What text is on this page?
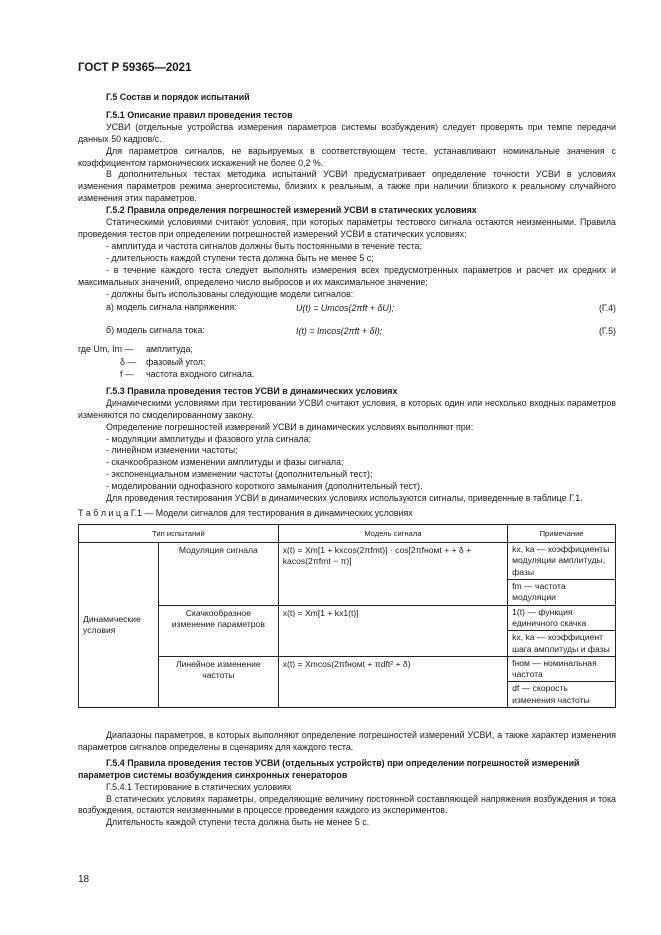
ГОСТ Р 59365—2021
Г.5 Состав и порядок испытаний
Г.5.1 Описание правил проведения тестов
УСВИ (отдельные устройства измерения параметров системы возбуждения) следует проверять при темпе передачи данных 50 кадров/с.
Для параметров сигналов, не варьируемых в соответствующем тесте, устанавливают номинальные значения с коэффициентом гармонических искажений не более 0,2 %.
В дополнительных тестах методика испытаний УСВИ предусматривает определение точности УСВИ в условиях изменения параметров режима энергосистемы, близких к реальным, а также при наличии близкого к реальному случайного изменения этих параметров.
Г.5.2 Правила определения погрешностей измерений УСВИ в статических условиях
Статическими условиями считают условия, при которых параметры тестового сигнала остаются неизменными. Правила проведения тестов при определении погрешностей измерений УСВИ в статических условиях:
- амплитуда и частота сигналов должны быть постоянными в течение теста;
- длительность каждой ступени теста должна быть не менее 5 с;
- в течение каждого теста следует выполнять измерения всех предусмотренных параметров и расчет их средних и максимальных значений, определено число выбросов и их максимальное значение;
- должны быть использованы следующие модели сигналов:
а) модель сигнала напряжения:	U(t) = Umcos(2πft + δU);	(Г.4)
б) модель сигнала тока:	I(t) = Imcos(2πft + δI);	(Г.5)
где Um, Im — амплитуда;
δ — фазовый угол;
f — частота входного сигнала.
Г.5.3 Правила проведения тестов УСВИ в динамических условиях
Динамическими условиями при тестировании УСВИ считают условия, в которых один или несколько входных параметров изменяются по смоделированному закону.
Определение погрешностей измерений УСВИ в динамических условиях выполняют при:
- модуляции амплитуды и фазового угла сигнала;
- линейном изменении частоты;
- скачкообразном изменении амплитуды и фазы сигнала;
- экспоненциальном изменении частоты (дополнительный тест);
- моделировании однофазного короткого замыкания (дополнительный тест).
Для проведения тестирования УСВИ в динамических условиях используются сигналы, приведенные в таблице Г.1.
Т а б л и ц а Г.1 — Модели сигналов для тестирования в динамических условиях
Тип испытаний		Модель сигнала	Примечание
Динамические условия	Модуляция сигнала	x(t) = Xm[1 + kxcos(2πfmt)] · cos[2πfномt + + δ + kacos(2πfmt − π)]	kx, ka — коэффициенты модуляции амплитуды, фазы
			fm — частота модуляции
	Скачкообразное изменение параметров	x(t) = Xm[1 + kx1(t)]	1(t) — функция единичного скачка
			kx, ka — коэффициент шага амплитуды и фазы
	Линейное изменение частоты	x(t) = Xmcos(2πfномt + πdft² + δ)	fном — номинальная частота
			df — скорость изменения частоты
Диапазоны параметров, в которых выполняют определение погрешностей измерений УСВИ, а также характер изменения параметров сигналов определены в сценариях для каждого теста.
Г.5.4 Правила проведения тестов УСВИ (отдельных устройств) при определении погрешностей измерений параметров системы возбуждения синхронных генераторов
Г.5.4.1 Тестирование в статических условиях
В статических условиях параметры, определяющие величину постоянной составляющей напряжения возбуждения и тока возбуждения, остаются неизменными в процессе проведения каждого из экспериментов.
Длительность каждой ступени теста должна быть не менее 5 с.
18
